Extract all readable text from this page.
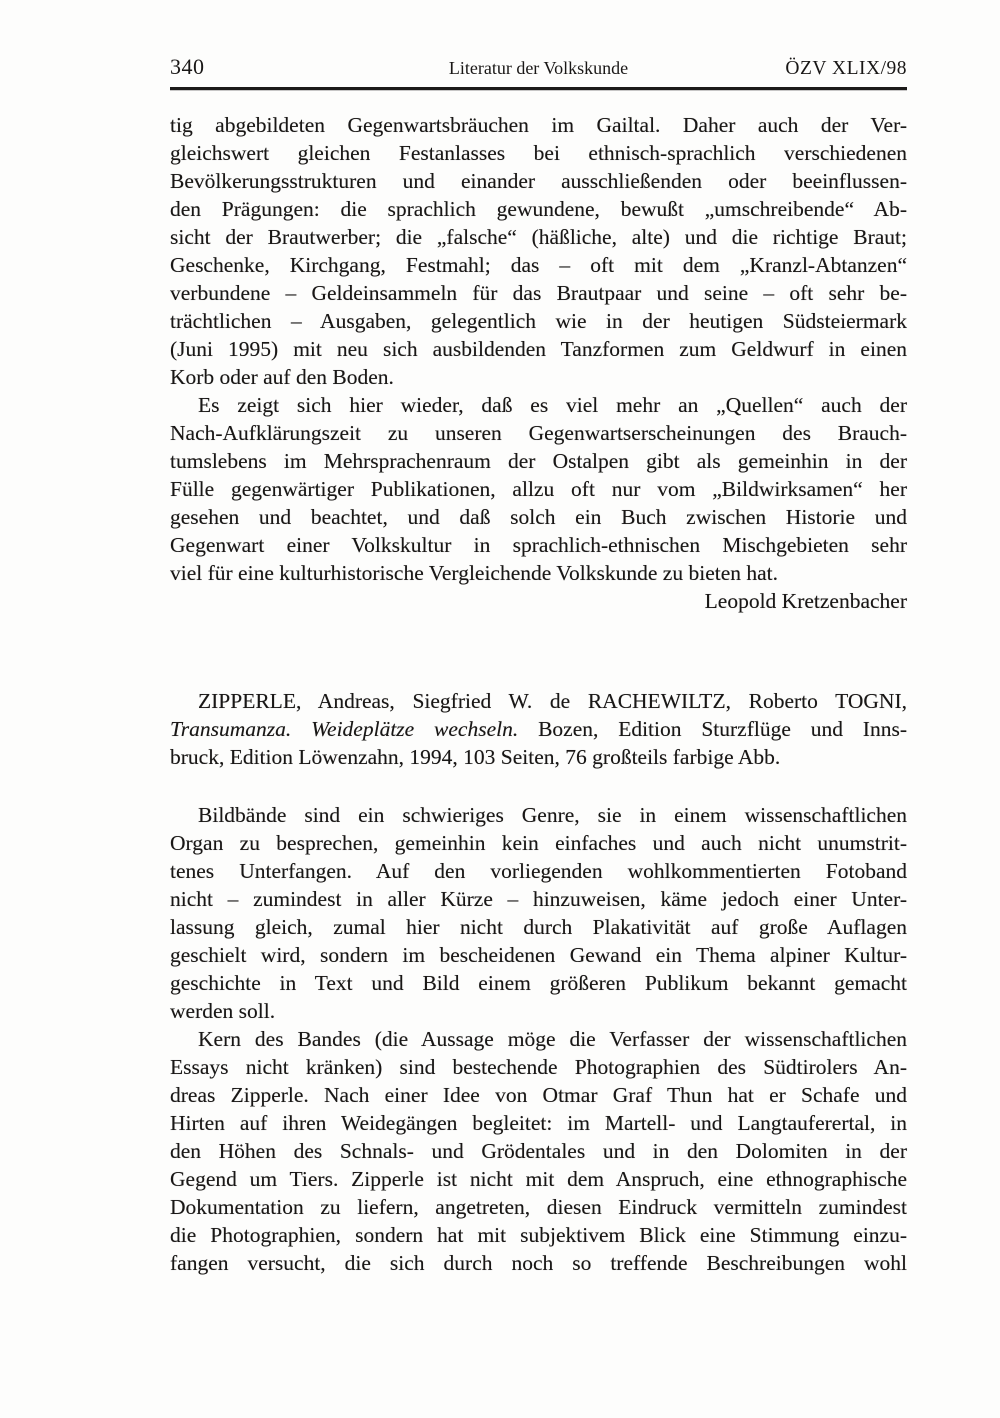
340	Literatur der Volkskunde	ÖZV XLIX/98
tig abgebildeten Gegenwartsbräuchen im Gailtal. Daher auch der Ver-
gleichswert gleichen Festanlasses bei ethnisch-sprachlich verschiedenen
Bevölkerungsstrukturen und einander ausschließenden oder beeinflussen-
den Prägungen: die sprachlich gewundene, bewußt „umschreibende“ Ab-
sicht der Brautwerber; die „falsche“ (häßliche, alte) und die richtige Braut;
Geschenke, Kirchgang, Festmahl; das – oft mit dem „Kranzl-Abtanzen“
verbundene – Geldeinsammeln für das Brautpaar und seine – oft sehr be-
trächtlichen – Ausgaben, gelegentlich wie in der heutigen Südsteiermark
(Juni 1995) mit neu sich ausbildenden Tanzformen zum Geldwurf in einen
Korb oder auf den Boden.
Es zeigt sich hier wieder, daß es viel mehr an „Quellen“ auch der
Nach-Aufklärungszeit zu unseren Gegenwartserscheinungen des Brauch-
tumslebens im Mehrsprachenraum der Ostalpen gibt als gemeinhin in der
Fülle gegenwärtiger Publikationen, allzu oft nur vom „Bildwirksamen“ her
gesehen und beachtet, und daß solch ein Buch zwischen Historie und
Gegenwart einer Volkskultur in sprachlich-ethnischen Mischgebieten sehr
viel für eine kulturhistorische Vergleichende Volkskunde zu bieten hat.
Leopold Kretzenbacher
ZIPPERLE, Andreas, Siegfried W. de RACHEWILTZ, Roberto TOGNI,
Transumanza. Weideplätze wechseln. Bozen, Edition Sturzflüge und Inns-
bruck, Edition Löwenzahn, 1994, 103 Seiten, 76 großteils farbige Abb.
Bildbände sind ein schwieriges Genre, sie in einem wissenschaftlichen
Organ zu besprechen, gemeinhin kein einfaches und auch nicht unumstrit-
tenes Unterfangen. Auf den vorliegenden wohlkommentierten Fotoband
nicht – zumindest in aller Kürze – hinzuweisen, käme jedoch einer Unter-
lassung gleich, zumal hier nicht durch Plakativität auf große Auflagen
geschielt wird, sondern im bescheidenen Gewand ein Thema alpiner Kultur-
geschichte in Text und Bild einem größeren Publikum bekannt gemacht
werden soll.
Kern des Bandes (die Aussage möge die Verfasser der wissenschaftlichen
Essays nicht kränken) sind bestechende Photographien des Südtirolers An-
dreas Zipperle. Nach einer Idee von Otmar Graf Thun hat er Schafe und
Hirten auf ihren Weidegängen begleitet: im Martell- und Langtauferertal, in
den Höhen des Schnals- und Grödentales und in den Dolomiten in der
Gegend um Tiers. Zipperle ist nicht mit dem Anspruch, eine ethnographische
Dokumentation zu liefern, angetreten, diesen Eindruck vermitteln zumindest
die Photographien, sondern hat mit subjektivem Blick eine Stimmung einzu-
fangen versucht, die sich durch noch so treffende Beschreibungen wohl
